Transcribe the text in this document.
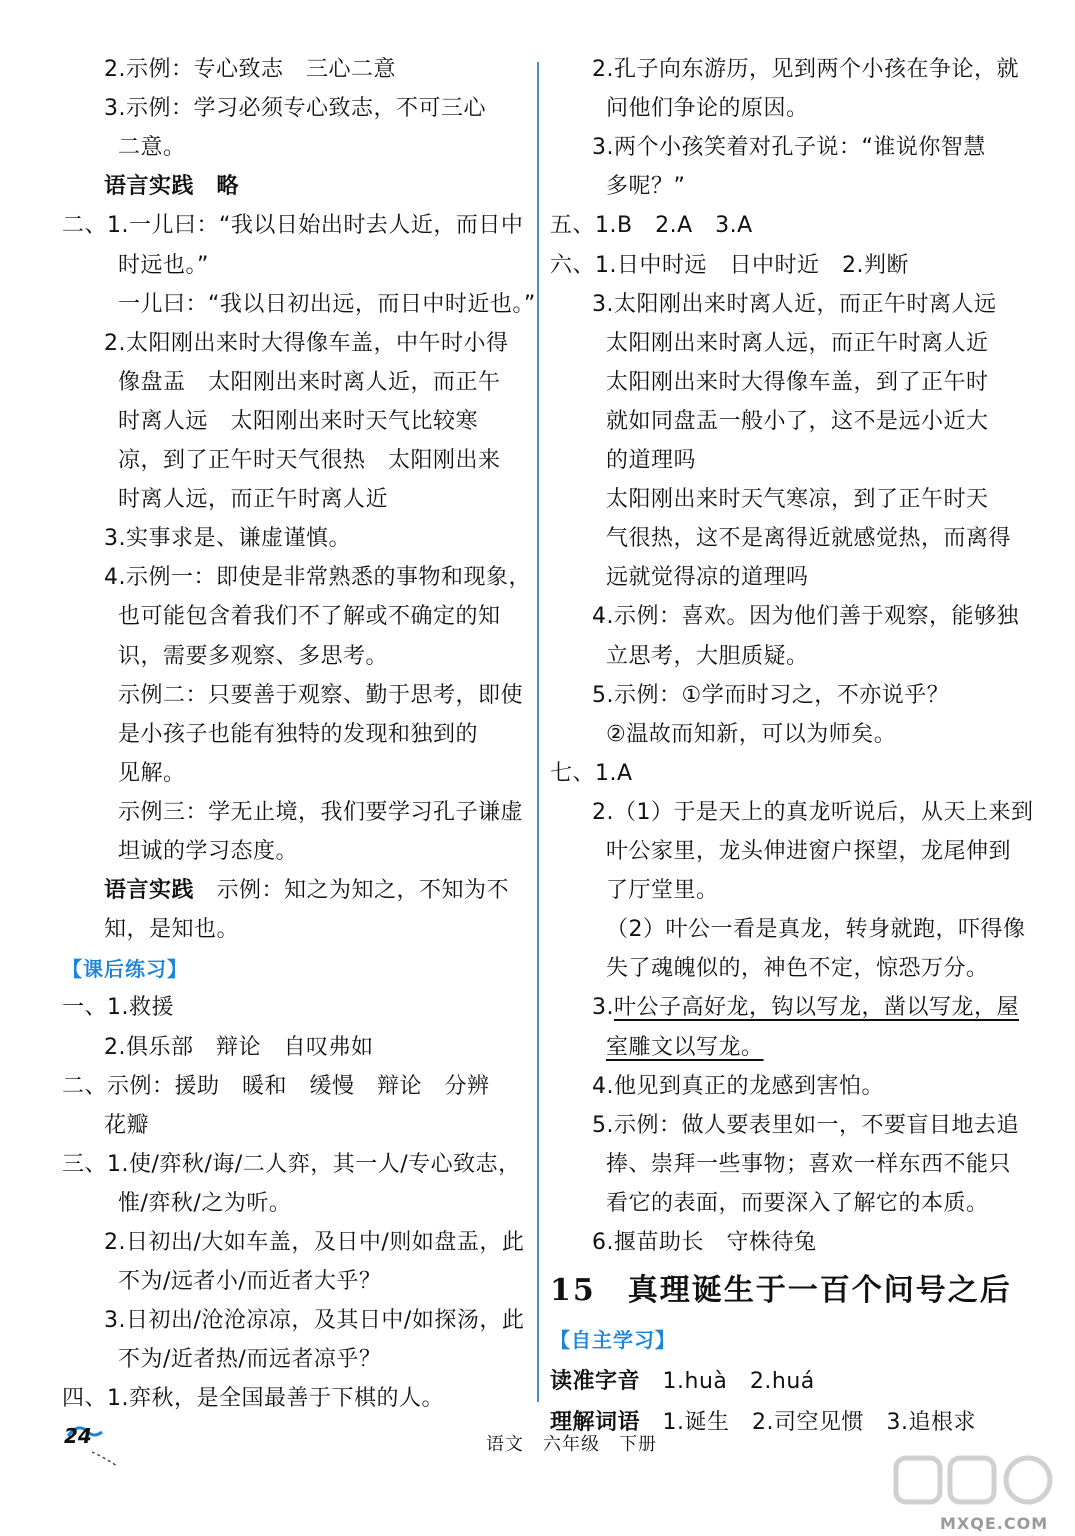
2.示例：专心致志　三心二意
3.示例：学习必须专心致志，不可三心
二意。
语言实践　略
二、1.一儿曰：“我以日始出时去人近，而日中
时远也。”
一儿曰：“我以日初出远，而日中时近也。”
2.太阳刚出来时大得像车盖，中午时小得
像盘盂　太阳刚出来时离人近，而正午
时离人远　太阳刚出来时天气比较寒
凉，到了正午时天气很热　太阳刚出来
时离人远，而正午时离人近
3.实事求是、谦虚谨慎。
4.示例一：即使是非常熟悉的事物和现象，
也可能包含着我们不了解或不确定的知
识，需要多观察、多思考。
示例二：只要善于观察、勤于思考，即使
是小孩子也能有独特的发现和独到的
见解。
示例三：学无止境，我们要学习孔子谦虚
坦诚的学习态度。
语言实践　示例：知之为知之，不知为不
知，是知也。
【课后练习】
一、1.救援
2.俱乐部　辩论　自叹弗如
二、示例：援助　暖和　缓慢　辩论　分辨
花瓣
三、1.使/弈秋/诲/二人弈，其一人/专心致志，
惟/弈秋/之为听。
2.日初出/大如车盖，及日中/则如盘盂，此
不为/远者小/而近者大乎？
3.日初出/沧沧凉凉，及其日中/如探汤，此
不为/近者热/而远者凉乎？
四、1.弈秋，是全国最善于下棋的人。
15　真理诞生于一百个问号之后
【自主学习】
读准字音　 1.huà　2.huá
理解词语　 1.诞生　2.司空见惯　3.追根求
2.孔子向东游历，见到两个小孩在争论，就
问他们争论的原因。
3.两个小孩笑着对孔子说：“谁说你智慧
多呢？”
五、1.B　2.A　3.A
六、1.日中时远　日中时近　2.判断
3.太阳刚出来时离人近，而正午时离人远
太阳刚出来时离人远，而正午时离人近
太阳刚出来时大得像车盖，到了正午时
就如同盘盂一般小了，这不是远小近大
的道理吗
太阳刚出来时天气寒凉，到了正午时天
气很热，这不是离得近就感觉热，而离得
远就觉得凉的道理吗
4.示例：喜欢。因为他们善于观察，能够独
立思考，大胆质疑。
5.示例：①学而时习之，不亦说乎？
②温故而知新，可以为师矣。
七、1.A
2.（1）于是天上的真龙听说后，从天上来到
叶公家里，龙头伸进窗户探望，龙尾伸到
了厅堂里。
（2）叶公一看是真龙，转身就跑，吓得像
失了魂魄似的，神色不定，惊恐万分。
3.叶公子高好龙，钩以写龙，凿以写龙，屋
室雕文以写龙。
4.他见到真正的龙感到害怕。
5.示例：做人要表里如一，不要盲目地去追
捧、崇拜一些事物；喜欢一样东西不能只
看它的表面，而要深入了解它的本质。
6.揠苗助长　守株待兔
24	语文　六年级　下册
MXQE.COM
